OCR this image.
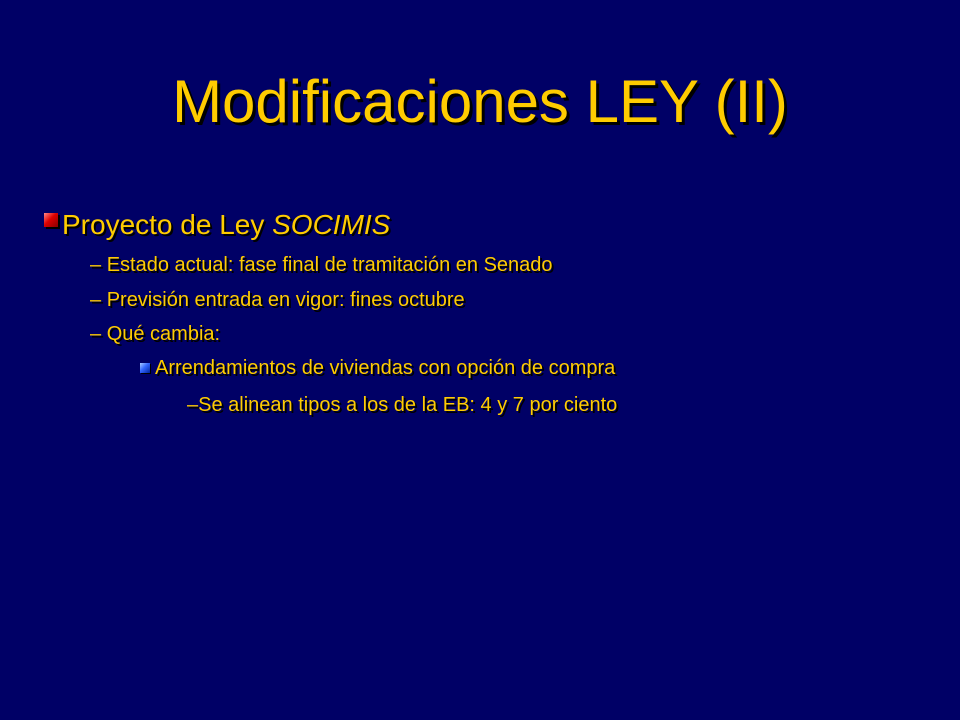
Modificaciones LEY (II)
Proyecto de Ley SOCIMIS
– Estado actual: fase final de tramitación en Senado
– Previsión entrada en vigor: fines octubre
– Qué cambia:
Arrendamientos de viviendas con opción de compra
–Se alinean tipos a los de la EB: 4 y 7 por ciento
